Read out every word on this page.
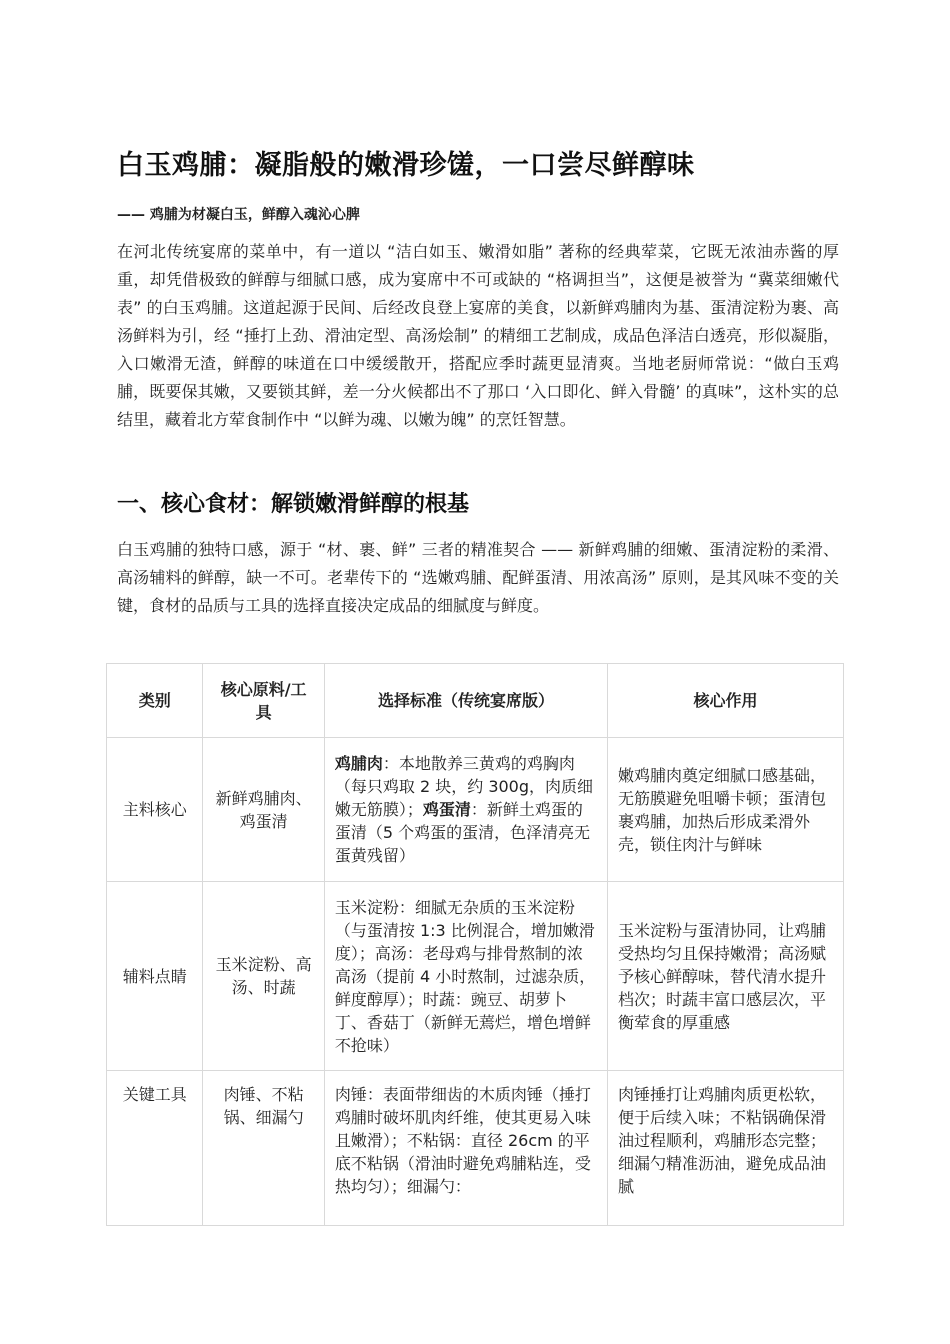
白玉鸡脯：凝脂般的嫩滑珍馐，一口尝尽鲜醇味
—— 鸡脯为材凝白玉，鲜醇入魂沁心脾
在河北传统宴席的菜单中，有一道以 “洁白如玉、嫩滑如脂” 著称的经典荤菜，它既无浓油赤酱的厚重，却凭借极致的鲜醇与细腻口感，成为宴席中不可或缺的 “格调担当”，这便是被誉为 “冀菜细嫩代表” 的白玉鸡脯。这道起源于民间、后经改良登上宴席的美食，以新鲜鸡脯肉为基、蛋清淀粉为裹、高汤鲜料为引，经 “捶打上劲、滑油定型、高汤烩制” 的精细工艺制成，成品色泽洁白透亮，形似凝脂，入口嫩滑无渣，鲜醇的味道在口中缓缓散开，搭配应季时蔬更显清爽。当地老厨师常说：“做白玉鸡脯，既要保其嫩，又要锁其鲜，差一分火候都出不了那口 ‘入口即化、鲜入骨髓’ 的真味”，这朴实的总结里，藏着北方荤食制作中 “以鲜为魂、以嫩为魄” 的烹饪智慧。
一、核心食材：解锁嫩滑鲜醇的根基
白玉鸡脯的独特口感，源于 “材、裹、鲜” 三者的精准契合 —— 新鲜鸡脯的细嫩、蛋清淀粉的柔滑、高汤辅料的鲜醇，缺一不可。老辈传下的 “选嫩鸡脯、配鲜蛋清、用浓高汤” 原则，是其风味不变的关键，食材的品质与工具的选择直接决定成品的细腻度与鲜度。
类别	核心原料/工具	选择标准（传统宴席版）	核心作用
主料核心	新鲜鸡脯肉、鸡蛋清	鸡脯肉：本地散养三黄鸡的鸡胸肉（每只鸡取 2 块，约 300g，肉质细嫩无筋膜）；鸡蛋清：新鲜土鸡蛋的蛋清（5 个鸡蛋的蛋清，色泽清亮无蛋黄残留）	嫩鸡脯肉奠定细腻口感基础，无筋膜避免咀嚼卡顿；蛋清包裹鸡脯，加热后形成柔滑外壳，锁住肉汁与鲜味
辅料点睛	玉米淀粉、高汤、时蔬	玉米淀粉：细腻无杂质的玉米淀粉（与蛋清按 1:3 比例混合，增加嫩滑度）；高汤：老母鸡与排骨熬制的浓高汤（提前 4 小时熬制，过滤杂质，鲜度醇厚）；时蔬：豌豆、胡萝卜丁、香菇丁（新鲜无蔫烂，增色增鲜不抢味）	玉米淀粉与蛋清协同，让鸡脯受热均匀且保持嫩滑；高汤赋予核心鲜醇味，替代清水提升档次；时蔬丰富口感层次，平衡荤食的厚重感
关键工具	肉锤、不粘锅、细漏勺	肉锤：表面带细齿的木质肉锤（捶打鸡脯时破坏肌肉纤维，使其更易入味且嫩滑）；不粘锅：直径 26cm 的平底不粘锅（滑油时避免鸡脯粘连，受热均匀）；细漏勺：	肉锤捶打让鸡脯肉质更松软，便于后续入味；不粘锅确保滑油过程顺利，鸡脯形态完整；细漏勺精准沥油，避免成品油腻
